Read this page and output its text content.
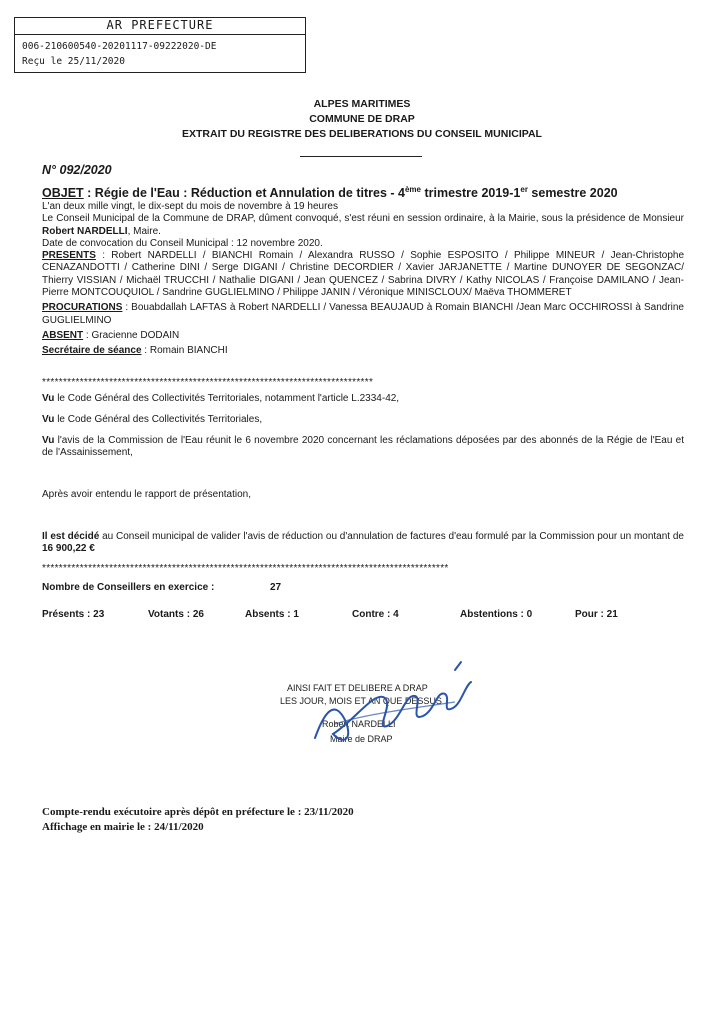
AR PREFECTURE
006-210600540-20201117-09222020-DE
Reçu le 25/11/2020
ALPES MARITIMES
COMMUNE DE DRAP
EXTRAIT DU REGISTRE DES DELIBERATIONS DU CONSEIL MUNICIPAL
N° 092/2020
OBJET : Régie de l'Eau : Réduction et Annulation de titres - 4ème trimestre 2019-1er semestre 2020
L'an deux mille vingt, le dix-sept du mois de novembre à 19 heures
Le Conseil Municipal de la Commune de DRAP, dûment convoqué, s'est réuni en session ordinaire, à la Mairie, sous la présidence de Monsieur Robert NARDELLI, Maire.
Date de convocation du Conseil Municipal : 12 novembre 2020.
PRESENTS : Robert NARDELLI / BIANCHI Romain / Alexandra RUSSO / Sophie ESPOSITO / Philippe MINEUR / Jean-Christophe CENAZANDOTTI / Catherine DINI / Serge DIGANI / Christine DECORDIER / Xavier JARJANETTE / Martine DUNOYER DE SEGONZAC/ Thierry VISSIAN / Michaël TRUCCHI / Nathalie DIGANI / Jean QUENCEZ / Sabrina DIVRY / Kathy NICOLAS / Françoise DAMILANO / Jean-Pierre MONTCOUQUIOL / Sandrine GUGLIELMINO / Philippe JANIN / Véronique MINISCLOUX/ Maëva THOMMERET
PROCURATIONS : Bouabdallah LAFTAS à Robert NARDELLI / Vanessa BEAUJAUD à Romain BIANCHI /Jean Marc OCCHIROSSI à Sandrine GUGLIELMINO
ABSENT : Gracienne DODAIN
Secrétaire de séance : Romain BIANCHI
*******************************************************************************
Vu le Code Général des Collectivités Territoriales, notamment l'article L.2334-42,
Vu le Code Général des Collectivités Territoriales,
Vu l'avis de la Commission de l'Eau réunit le 6 novembre 2020 concernant les réclamations déposées par des abonnés de la Régie de l'Eau et de l'Assainissement,
Après avoir entendu le rapport de présentation,
Il est décidé au Conseil municipal de valider l'avis de réduction ou d'annulation de factures d'eau formulé par la Commission pour un montant de 16 900,22 €
*************************************************************************************************
Nombre de Conseillers en exercice :	27
Présents : 23	Votants : 26	Absents : 1	Contre : 4	Abstentions : 0	Pour : 21
AINSI FAIT ET DELIBERE A DRAP
LES JOUR, MOIS ET AN QUE DESSUS
Robert NARDELLI
Maire de DRAP
Compte-rendu exécutoire après dépôt en préfecture le : 23/11/2020
Affichage en mairie le : 24/11/2020
